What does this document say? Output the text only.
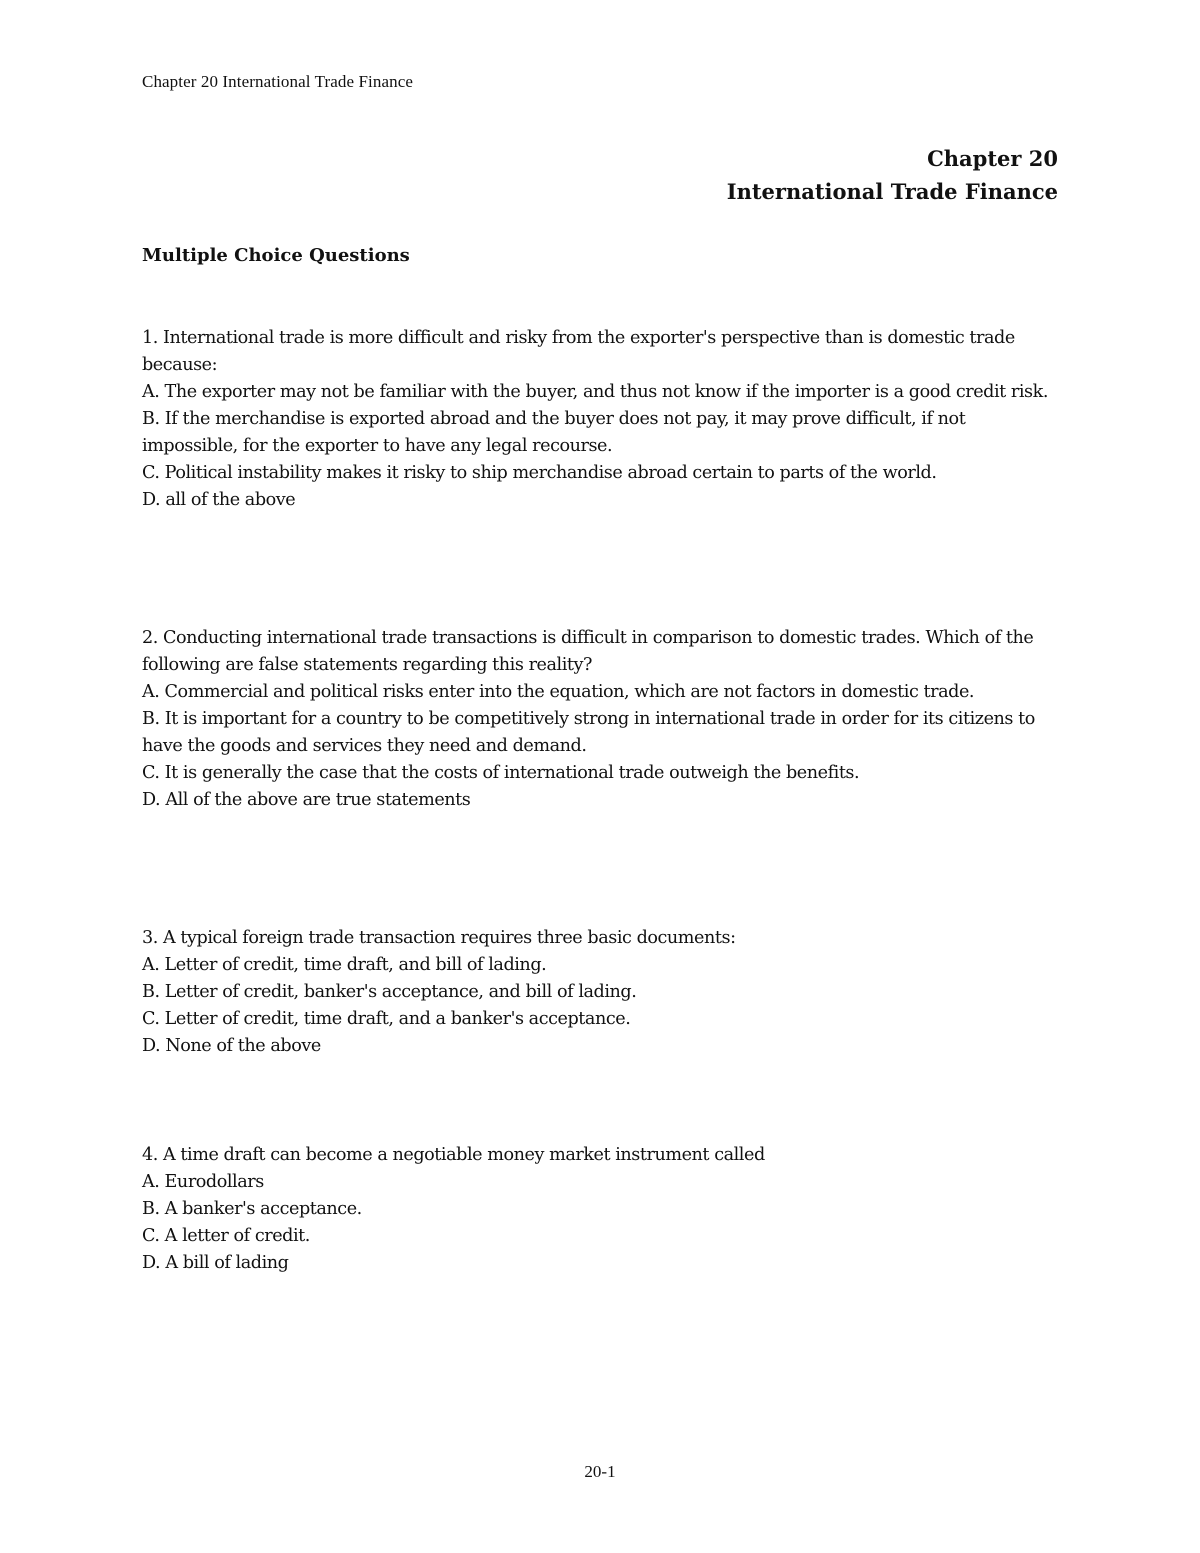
Chapter 20 International Trade Finance
Chapter 20
International Trade Finance
Multiple Choice Questions
1. International trade is more difficult and risky from the exporter's perspective than is domestic trade because:
A. The exporter may not be familiar with the buyer, and thus not know if the importer is a good credit risk.
B. If the merchandise is exported abroad and the buyer does not pay, it may prove difficult, if not impossible, for the exporter to have any legal recourse.
C. Political instability makes it risky to ship merchandise abroad certain to parts of the world.
D. all of the above
2. Conducting international trade transactions is difficult in comparison to domestic trades. Which of the following are false statements regarding this reality?
A. Commercial and political risks enter into the equation, which are not factors in domestic trade.
B. It is important for a country to be competitively strong in international trade in order for its citizens to have the goods and services they need and demand.
C. It is generally the case that the costs of international trade outweigh the benefits.
D. All of the above are true statements
3. A typical foreign trade transaction requires three basic documents:
A. Letter of credit, time draft, and bill of lading.
B. Letter of credit, banker's acceptance, and bill of lading.
C. Letter of credit, time draft, and a banker's acceptance.
D. None of the above
4. A time draft can become a negotiable money market instrument called
A. Eurodollars
B. A banker's acceptance.
C. A letter of credit.
D. A bill of lading
20-1
